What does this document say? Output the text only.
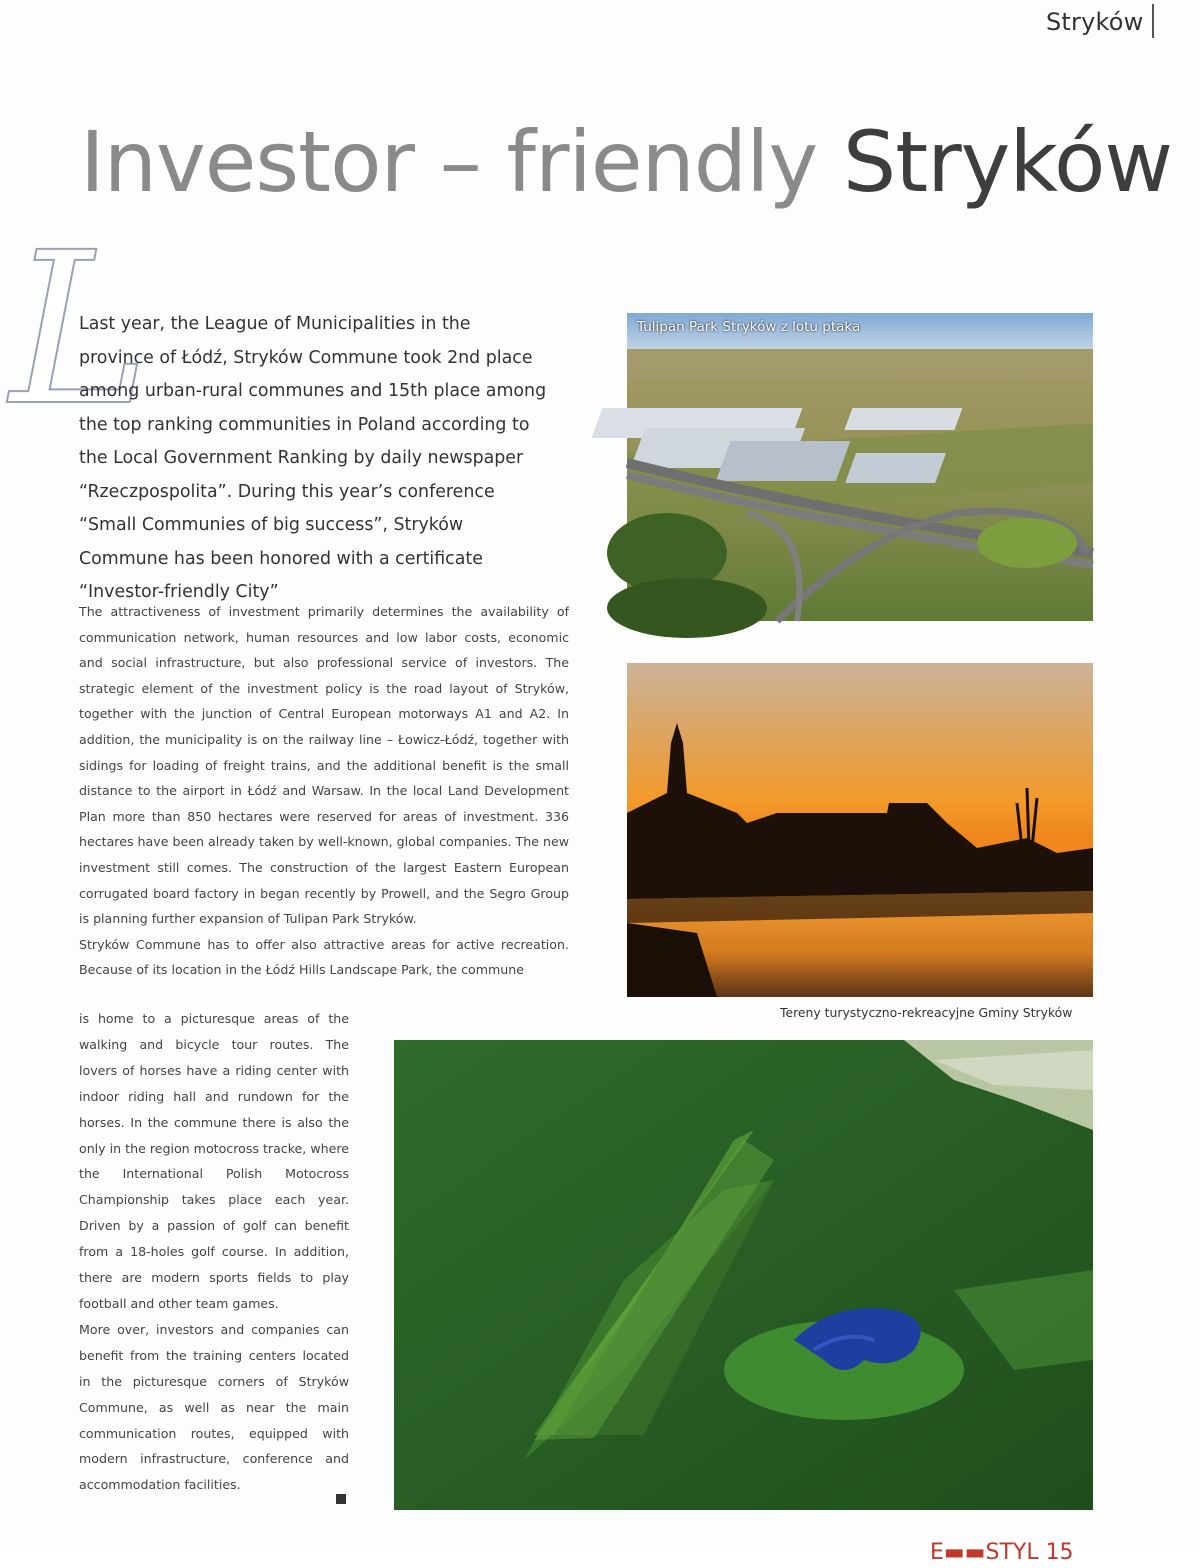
Stryków
Investor – friendly Stryków
L
Last year, the League of Municipalities in the province of Łódź, Stryków Commune took 2nd place among urban-rural communes and 15th place among the top ranking communities in Poland according to the Local Government Ranking by daily newspaper “Rzeczpospolita”. During this year’s conference “Small Communies of big success”, Stryków Commune has been honored with a certificate “Investor-friendly City”

The attractiveness of investment primarily determines the availability of communication network, human resources and low labor costs, economic and social infrastructure, but also professional service of investors. The strategic element of the investment policy is the road layout of Stryków, together with the junction of Central European motorways A1 and A2. In addition, the municipality is on the railway line – Łowicz-Łódź, together with sidings for loading of freight trains, and the additional benefit is the small distance to the airport in Łódź and Warsaw. In the local Land Development Plan more than 850 hectares were reserved for areas of investment. 336 hectares have been already taken by well-known, global companies. The new investment still comes. The construction of the largest Eastern European corrugated board factory in began recently by Prowell, and the Segro Group is planning further expansion of Tulipan Park Stryków.

Stryków Commune has to offer also attractive areas for active recreation. Because of its location in the Łódź Hills Landscape Park, the commune

is home to a picturesque areas of the walking and bicycle tour routes. The lovers of horses have a riding center with indoor riding hall and rundown for the horses. In the commune there is also the only in the region motocross tracke, where the International Polish Motocross Championship takes place each year. Driven by a passion of golf can benefit from a 18-holes golf course. In addition, there are modern sports fields to play football and other team games.

More over, investors and companies can benefit from the training centers located in the picturesque corners of Stryków Commune, as well as near the main communication routes, equipped with modern infrastructure, conference and accommodation facilities.

Tulipan Park Stryków z lotu ptaka
Tereny turystyczno-rekreacyjne Gminy Stryków
E▬▬STYL 15
